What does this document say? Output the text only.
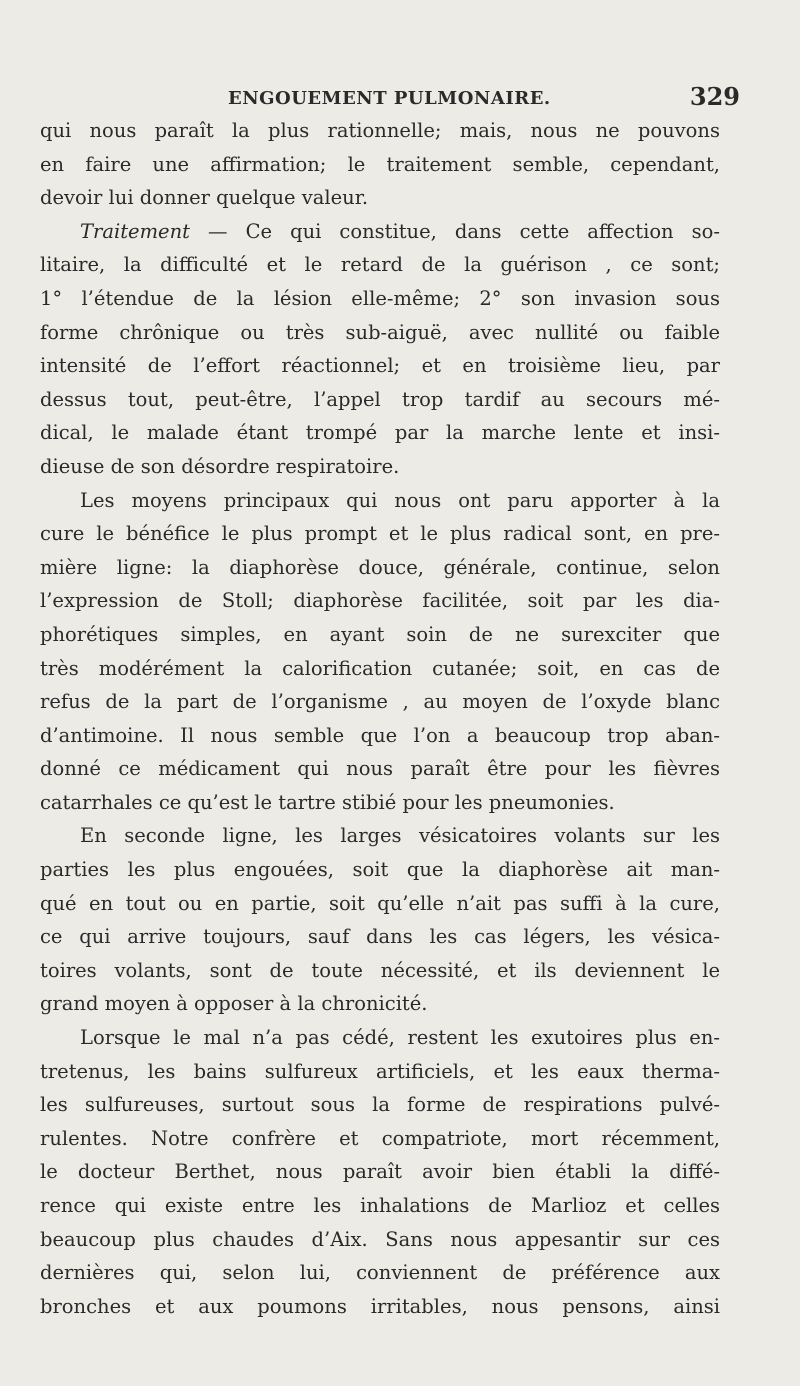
ENGOUEMENT PULMONAIRE.	329
qui nous paraît la plus rationnelle; mais, nous ne pouvons
en faire une affirmation; le traitement semble, cependant,
devoir lui donner quelque valeur.
Traitement — Ce qui constitue, dans cette affection so-
litaire, la difficulté et le retard de la guérison , ce sont;
1° l’étendue de la lésion elle-même; 2° son invasion sous
forme chrônique ou très sub-aiguë, avec nullité ou faible
intensité de l’effort réactionnel; et en troisième lieu, par
dessus tout, peut-être, l’appel trop tardif au secours mé-
dical, le malade étant trompé par la marche lente et insi-
dieuse de son désordre respiratoire.
Les moyens principaux qui nous ont paru apporter à la
cure le bénéfice le plus prompt et le plus radical sont, en pre-
mière ligne: la diaphorèse douce, générale, continue, selon
l’expression de Stoll; diaphorèse facilitée, soit par les dia-
phorétiques simples, en ayant soin de ne surexciter que
très modérément la calorification cutanée; soit, en cas de
refus de la part de l’organisme , au moyen de l’oxyde blanc
d’antimoine. Il nous semble que l’on a beaucoup trop aban-
donné ce médicament qui nous paraît être pour les fièvres
catarrhales ce qu’est le tartre stibié pour les pneumonies.
En seconde ligne, les larges vésicatoires volants sur les
parties les plus engouées, soit que la diaphorèse ait man-
qué en tout ou en partie, soit qu’elle n’ait pas suffi à la cure,
ce qui arrive toujours, sauf dans les cas légers, les vésica-
toires volants, sont de toute nécessité, et ils deviennent le
grand moyen à opposer à la chronicité.
Lorsque le mal n’a pas cédé, restent les exutoires plus en-
tretenus, les bains sulfureux artificiels, et les eaux therma-
les sulfureuses, surtout sous la forme de respirations pulvé-
rulentes. Notre confrère et compatriote, mort récemment,
le docteur Berthet, nous paraît avoir bien établi la diffé-
rence qui existe entre les inhalations de Marlioz et celles
beaucoup plus chaudes d’Aix. Sans nous appesantir sur ces
dernières qui, selon lui, conviennent de préférence aux
bronches et aux poumons irritables, nous pensons, ainsi
